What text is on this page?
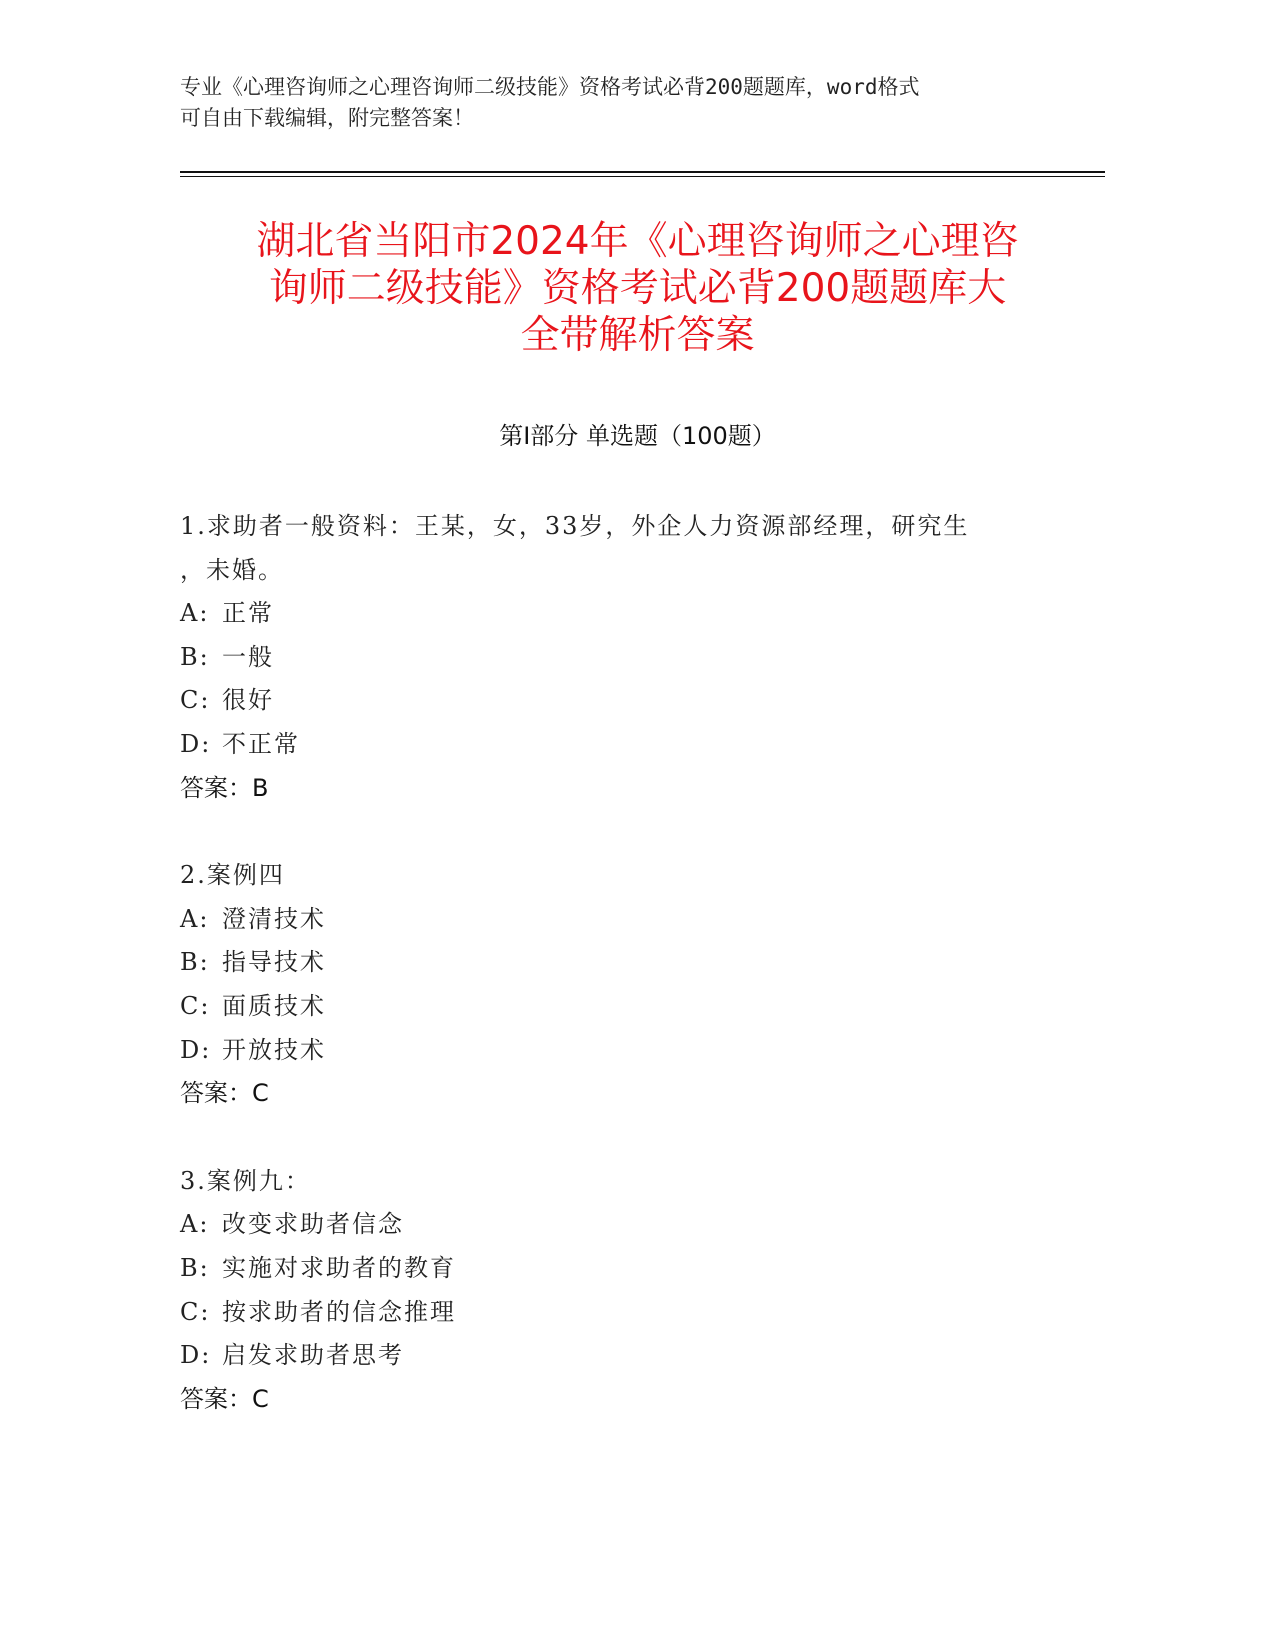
专业《心理咨询师之心理咨询师二级技能》资格考试必背200题题库，word格式
可自由下载编辑，附完整答案！
湖北省当阳市2024年《心理咨询师之心理咨
询师二级技能》资格考试必背200题题库大
全带解析答案
第Ⅰ部分 单选题（100题）
1.求助者一般资料：王某，女，33岁，外企人力资源部经理，研究生
，未婚。
A: 正常
B: 一般
C: 很好
D: 不正常
答案：B
2.案例四
A: 澄清技术
B: 指导技术
C: 面质技术
D: 开放技术
答案：C
3.案例九：
A: 改变求助者信念
B: 实施对求助者的教育
C: 按求助者的信念推理
D: 启发求助者思考
答案：C
